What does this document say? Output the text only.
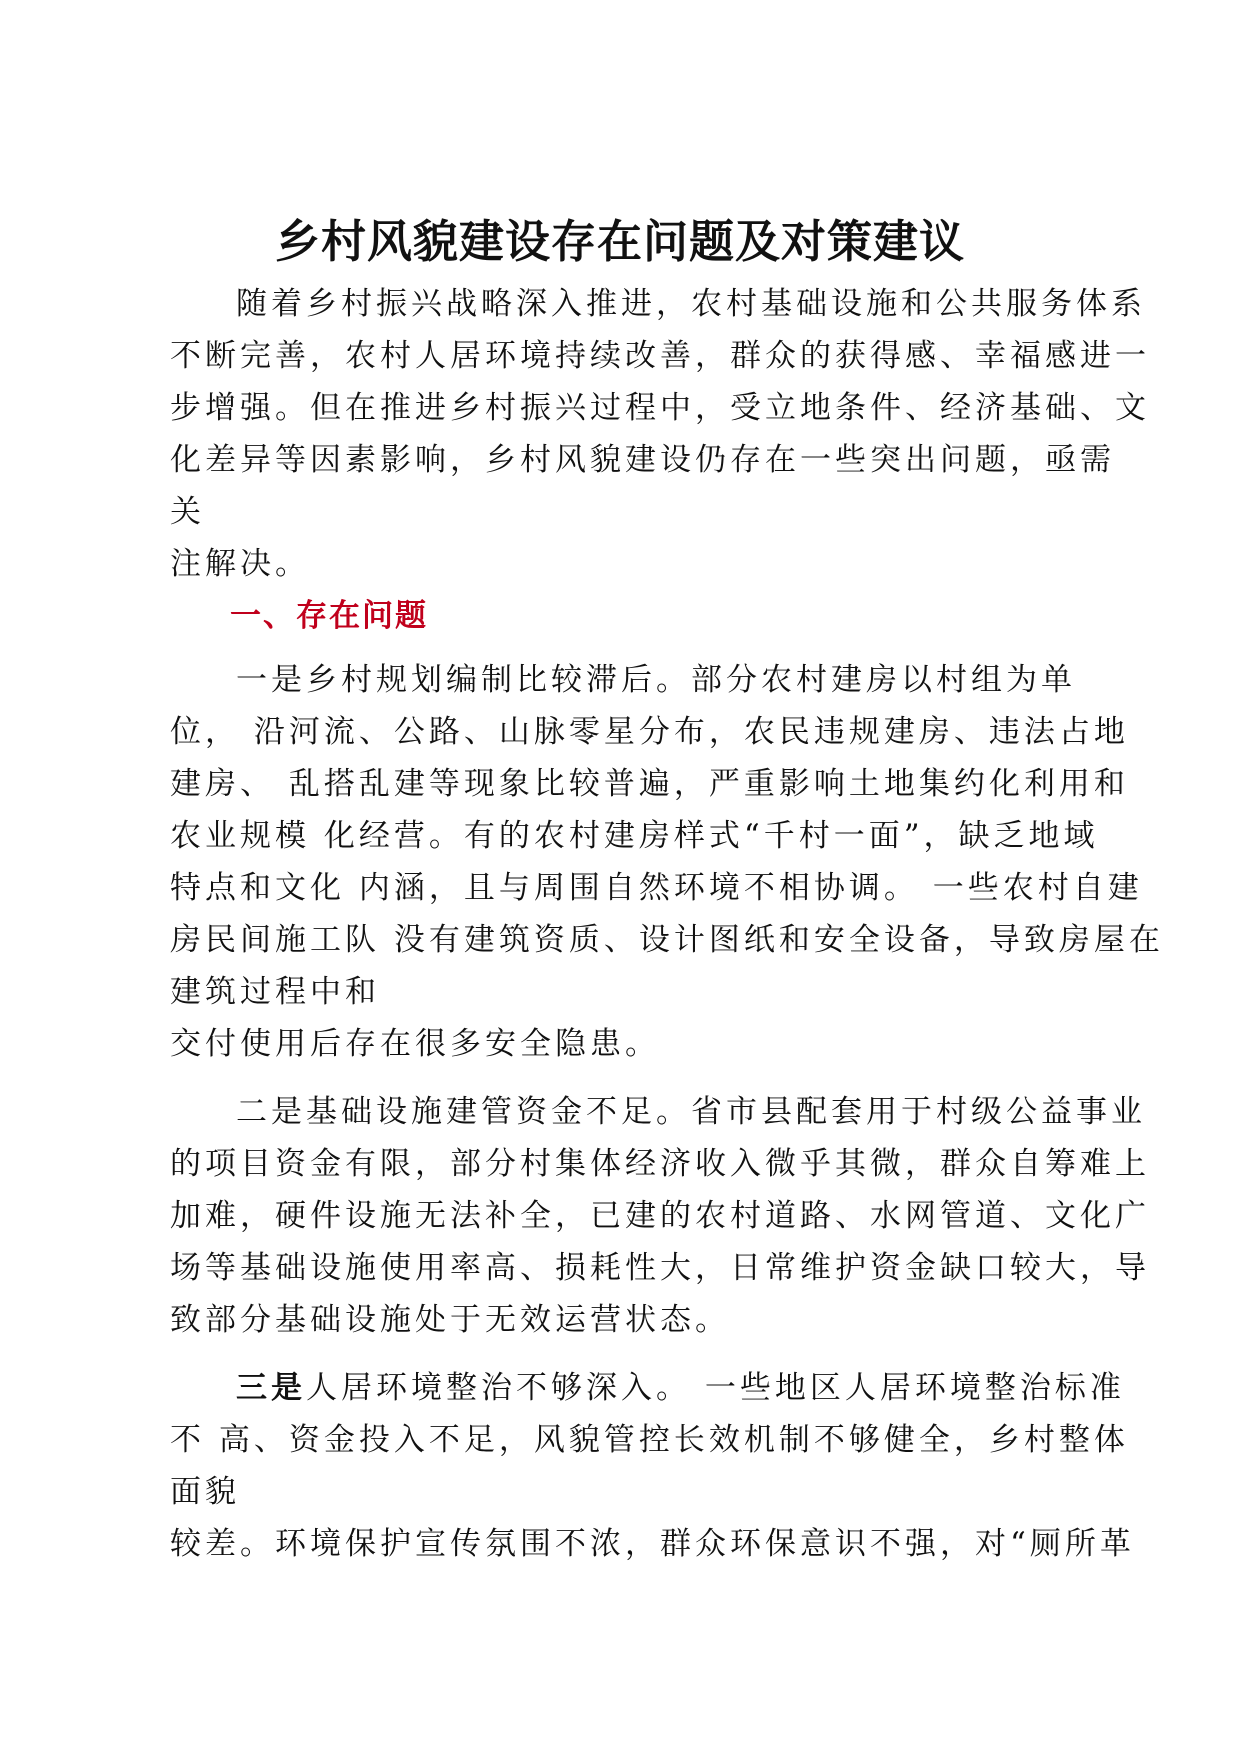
乡村风貌建设存在问题及对策建议
随着乡村振兴战略深入推进，农村基础设施和公共服务体系
不断完善，农村人居环境持续改善，群众的获得感、幸福感进一
步增强。但在推进乡村振兴过程中，受立地条件、经济基础、文
化差异等因素影响，乡村风貌建设仍存在一些突出问题，亟需
关
注解决。
一、存在问题
一是乡村规划编制比较滞后。部分农村建房以村组为单
位， 沿河流、公路、山脉零星分布，农民违规建房、违法占地
建房、 乱搭乱建等现象比较普遍，严重影响土地集约化利用和
农业规模 化经营。有的农村建房样式“千村一面”，缺乏地域
特点和文化 内涵，且与周围自然环境不相协调。 一些农村自建
房民间施工队 没有建筑资质、设计图纸和安全设备，导致房屋在
建筑过程中和
交付使用后存在很多安全隐患。
二是基础设施建管资金不足。省市县配套用于村级公益事业
的项目资金有限，部分村集体经济收入微乎其微，群众自筹难上
加难，硬件设施无法补全，已建的农村道路、水网管道、文化广
场等基础设施使用率高、损耗性大，日常维护资金缺口较大，导
致部分基础设施处于无效运营状态。
三是人居环境整治不够深入。 一些地区人居环境整治标准
不 高、资金投入不足，风貌管控长效机制不够健全，乡村整体
面貌
较差。环境保护宣传氛围不浓，群众环保意识不强，对“厕所革
